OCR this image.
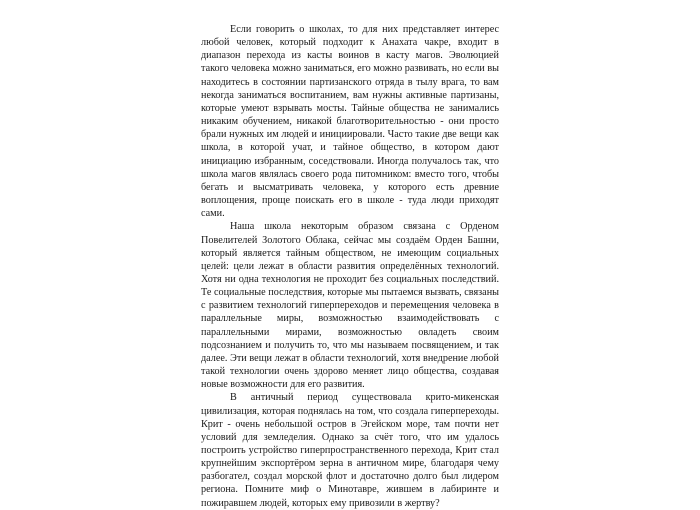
Если говорить о школах, то для них представляет интерес любой человек, который подходит к Анахата чакре, входит в диапазон перехода из касты воинов в касту магов. Эволюцией такого человека можно заниматься, его можно развивать, но если вы находитесь в состоянии партизанского отряда в тылу врага, то вам некогда заниматься воспитанием, вам нужны активные партизаны, которые умеют взрывать мосты. Тайные общества не занимались никаким обучением, никакой благотворительностью - они просто брали нужных им людей и инициировали. Часто такие две вещи как школа, в которой учат, и тайное общество, в котором дают инициацию избранным, соседствовали. Иногда получалось так, что школа магов являлась своего рода питомником: вместо того, чтобы бегать и высматривать человека, у которого есть древние воплощения, проще поискать его в школе - туда люди приходят сами.

Наша школа некоторым образом связана с Орденом Повелителей Золотого Облака, сейчас мы создаём Орден Башни, который является тайным обществом, не имеющим социальных целей: цели лежат в области развития определённых технологий. Хотя ни одна технология не проходит без социальных последствий. Те социальные последствия, которые мы пытаемся вызвать, связаны с развитием технологий гиперпереходов и перемещения человека в параллельные миры, возможностью взаимодействовать с параллельными мирами, возможностью овладеть своим подсознанием и получить то, что мы называем посвящением, и так далее. Эти вещи лежат в области технологий, хотя внедрение любой такой технологии очень здорово меняет лицо общества, создавая новые возможности для его развития.

В античный период существовала крито-микенская цивилизация, которая поднялась на том, что создала гиперпереходы. Крит - очень небольшой остров в Эгейском море, там почти нет условий для земледелия. Однако за счёт того, что им удалось построить устройство гиперпространственного перехода, Крит стал крупнейшим экспортёром зерна в античном мире, благодаря чему разбогател, создал морской флот и достаточно долго был лидером региона. Помните миф о Минотавре, жившем в лабиринте и пожиравшем людей, которых ему привозили в жертву?
